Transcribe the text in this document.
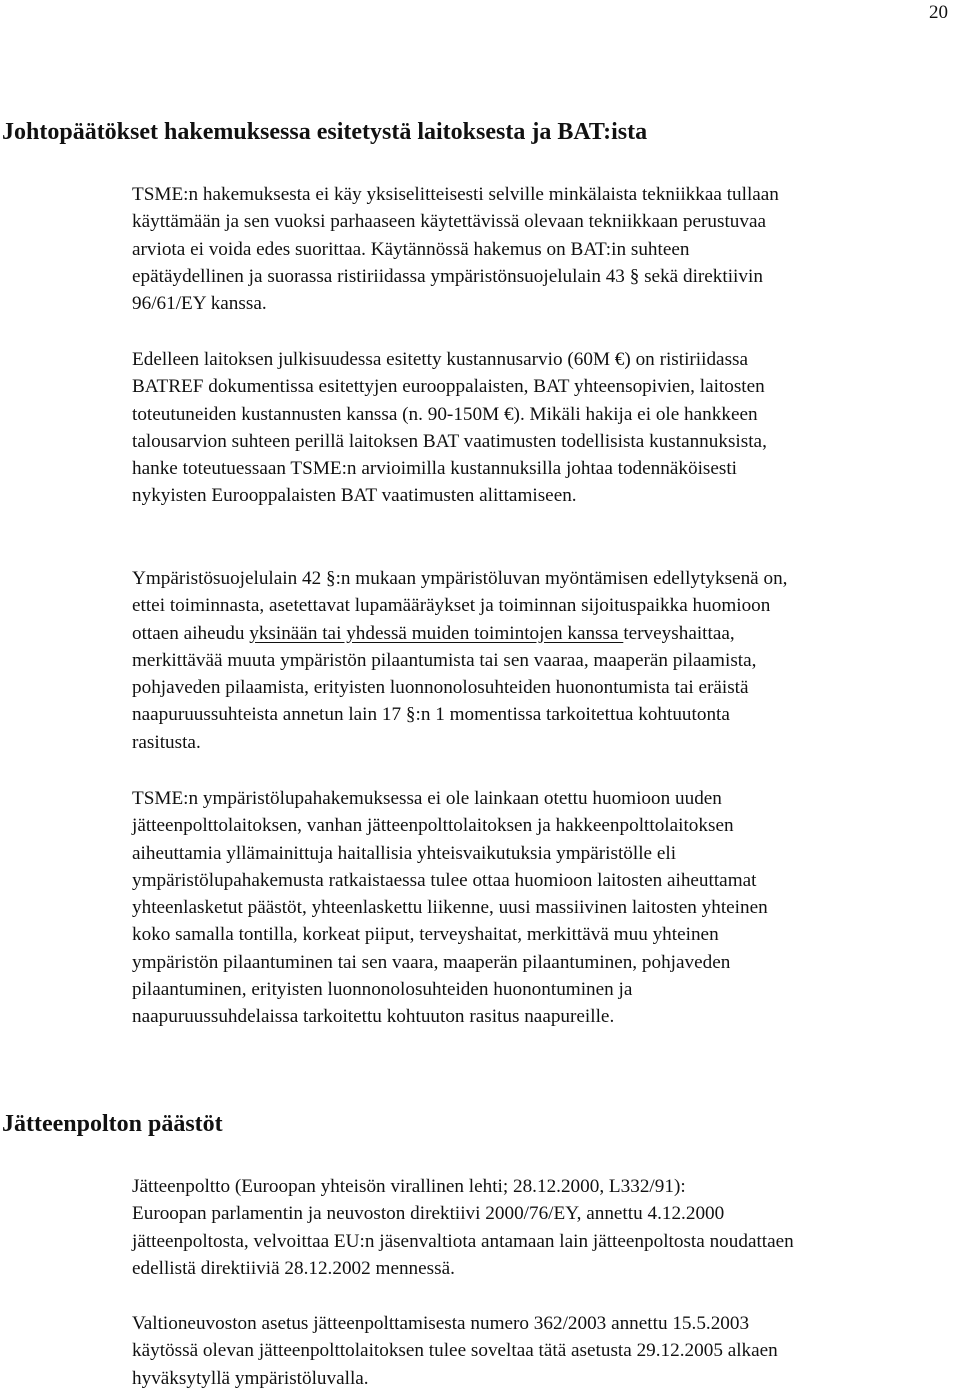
20
Johtopäätökset hakemuksessa esitetystä laitoksesta ja BAT:ista

TSME:n hakemuksesta ei käy yksiselitteisesti selville minkälaista tekniikkaa tullaan
käyttämään ja sen vuoksi parhaaseen käytettävissä olevaan tekniikkaan perustuvaa
arviota ei voida edes suorittaa. Käytännössä hakemus on BAT:in suhteen
epätäydellinen ja suorassa ristiriidassa ympäristönsuojelulain 43 § sekä direktiivin
96/61/EY kanssa.

Edelleen laitoksen julkisuudessa esitetty kustannusarvio (60M €) on ristiriidassa
BATREF dokumentissa esitettyjen eurooppalaisten, BAT yhteensopivien, laitosten
toteutuneiden kustannusten kanssa (n. 90-150M €). Mikäli hakija ei ole hankkeen
talousarvion suhteen perillä laitoksen BAT vaatimusten todellisista kustannuksista,
hanke toteutuessaan TSME:n arvioimilla kustannuksilla johtaa todennäköisesti
nykyisten Eurooppalaisten BAT vaatimusten alittamiseen.

Ympäristösuojelulain 42 §:n mukaan ympäristöluvan myöntämisen edellytyksenä on,
ettei toiminnasta, asetettavat lupamääräykset ja toiminnan sijoituspaikka huomioon
ottaen aiheudu yksinään tai yhdessä muiden toimintojen kanssa terveyshaittaa,
merkittävää muuta ympäristön pilaantumista tai sen vaaraa, maaperän pilaamista,
pohjaveden pilaamista, erityisten luonnonolosuhteiden huonontumista tai eräistä
naapuruussuhteista annetun lain 17 §:n 1 momentissa tarkoitettua kohtuutonta
rasitusta.

TSME:n ympäristölupahakemuksessa ei ole lainkaan otettu huomioon uuden
jätteenpolttolaitoksen, vanhan jätteenpolttolaitoksen ja hakkeenpolttolaitoksen
aiheuttamia yllämainittuja haitallisia yhteisvaikutuksia ympäristölle eli
ympäristölupahakemusta ratkaistaessa tulee ottaa huomioon laitosten aiheuttamat
yhteenlasketut päästöt, yhteenlaskettu liikenne, uusi massiivinen laitosten yhteinen
koko samalla tontilla, korkeat piiput, terveyshaitat, merkittävä muu yhteinen
ympäristön pilaantuminen tai sen vaara, maaperän pilaantuminen, pohjaveden
pilaantuminen, erityisten luonnonolosuhteiden huonontuminen ja
naapuruussuhdelaissa tarkoitettu kohtuuton rasitus naapureille.

Jätteenpolton päästöt

Jätteenpoltto (Euroopan yhteisön virallinen lehti; 28.12.2000, L332/91):
Euroopan parlamentin ja neuvoston direktiivi 2000/76/EY, annettu 4.12.2000
jätteenpoltosta, velvoittaa EU:n jäsenvaltiota antamaan lain jätteenpoltosta noudattaen
edellistä direktiiviä 28.12.2002 mennessä.

Valtioneuvoston asetus jätteenpolttamisesta numero 362/2003 annettu 15.5.2003
käytössä olevan jätteenpolttolaitoksen tulee soveltaa tätä asetusta 29.12.2005 alkaen
hyväksytyllä ympäristöluvalla.
